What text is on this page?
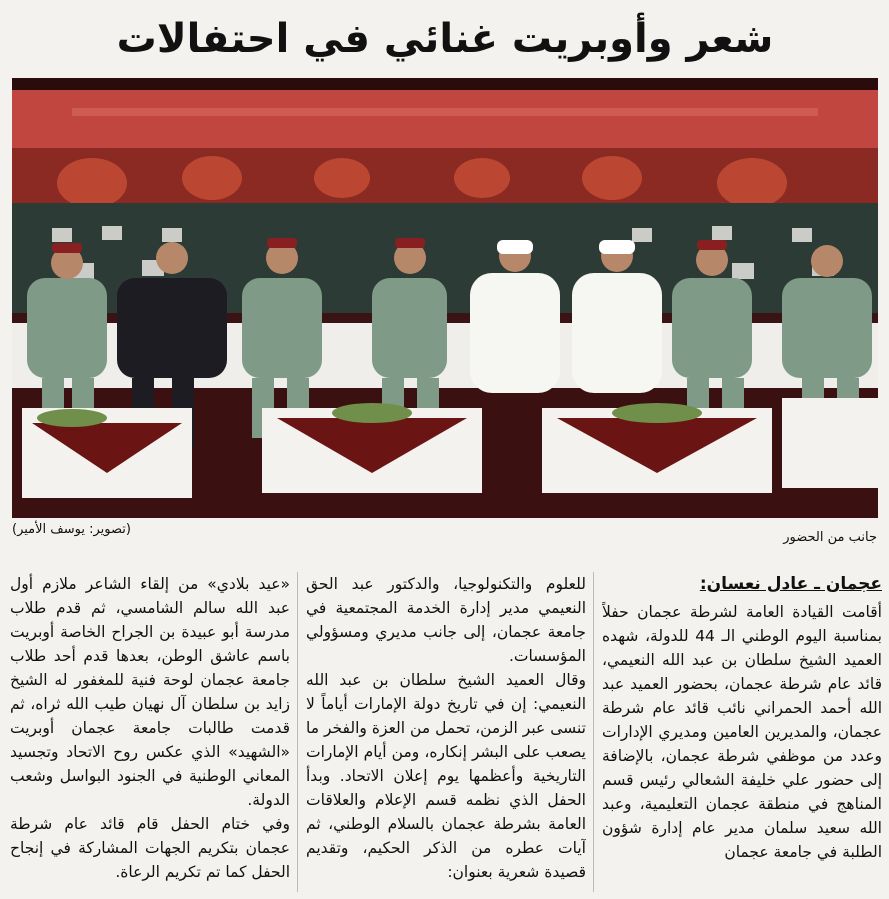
شعر وأوبريت غنائي في احتفالات
(تصوير: يوسف الأمير)
جانب من الحضور
عجمان ـ عادل نعسان:
أقامت القيادة العامة لشرطة عجمان حفلاً بمناسبة اليوم الوطني الـ 44 للدولة، شهده العميد الشيخ سلطان بن عبد الله النعيمي، قائد عام شرطة عجمان، بحضور العميد عبد الله أحمد الحمراني نائب قائد عام شرطة عجمان، والمديرين العامين ومديري الإدارات وعدد من موظفي شرطة عجمان، بالإضافة إلى حضور علي خليفة الشعالي رئيس قسم المناهج في منطقة عجمان التعليمية، وعبد الله سعيد سلمان مدير عام إدارة شؤون الطلبة في جامعة عجمان
للعلوم والتكنولوجيا، والدكتور عبد الحق النعيمي مدير إدارة الخدمة المجتمعية في جامعة عجمان، إلى جانب مديري ومسؤولي المؤسسات.
وقال العميد الشيخ سلطان بن عبد الله النعيمي: إن في تاريخ دولة الإمارات أياماً لا تنسى عبر الزمن، تحمل من العزة والفخر ما يصعب على البشر إنكاره، ومن أيام الإمارات التاريخية وأعظمها يوم إعلان الاتحاد. وبدأ الحفل الذي نظمه قسم الإعلام والعلاقات العامة بشرطة عجمان بالسلام الوطني، ثم آيات عطره من الذكر الحكيم، وتقديم قصيدة شعرية بعنوان:
«عيد بلادي» من إلقاء الشاعر ملازم أول عبد الله سالم الشامسي، ثم قدم طلاب مدرسة أبو عبيدة بن الجراح الخاصة أوبريت باسم عاشق الوطن، بعدها قدم أحد طلاب جامعة عجمان لوحة فنية للمغفور له الشيخ زايد بن سلطان آل نهيان طيب الله ثراه، ثم قدمت طالبات جامعة عجمان أوبريت «الشهيد» الذي عكس روح الاتحاد وتجسيد المعاني الوطنية في الجنود البواسل وشعب الدولة.
وفي ختام الحفل قام قائد عام شرطة عجمان بتكريم الجهات المشاركة في إنجاح الحفل كما تم تكريم الرعاة.
